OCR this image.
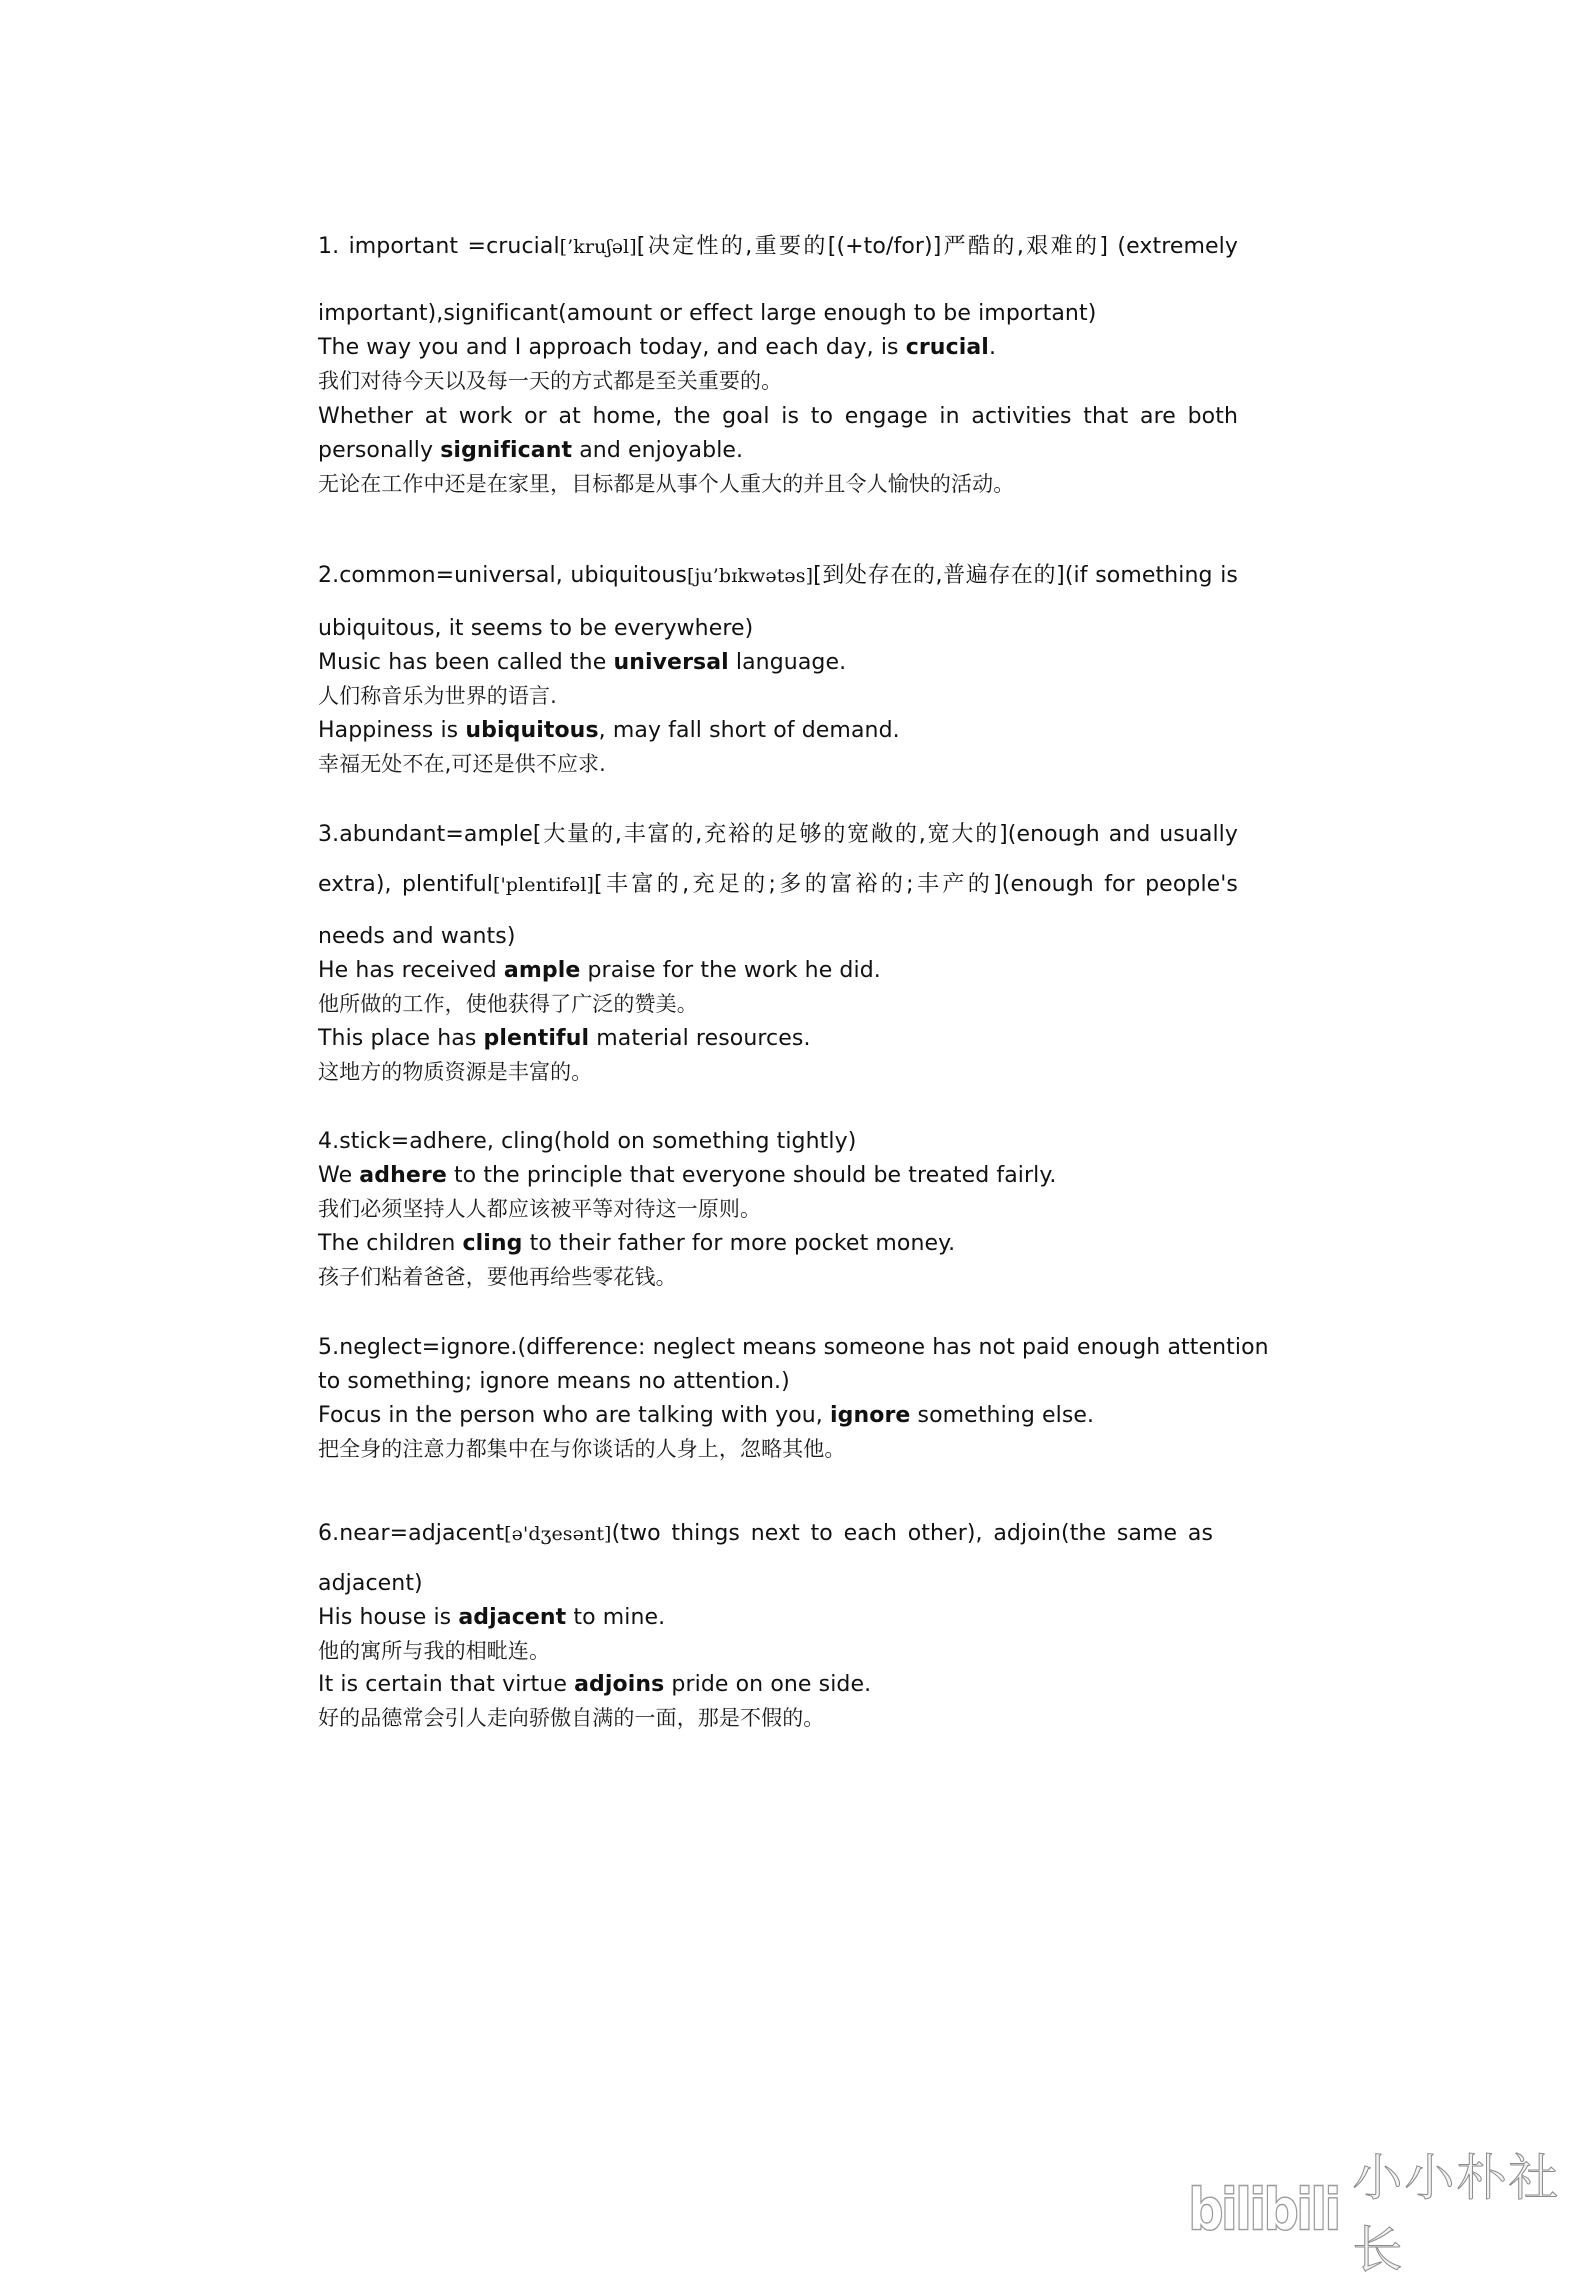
1. important =crucial[’kruʃəl][决定性的,重要的[(+to/for)]严酷的,艰难的] (extremely
important),significant(amount or effect large enough to be important)
The way you and I approach today, and each day, is crucial.
我们对待今天以及每一天的方式都是至关重要的。
Whether at work or at home, the goal is to engage in activities that are both
personally significant and enjoyable.
无论在工作中还是在家里，目标都是从事个人重大的并且令人愉快的活动。
2.common=universal, ubiquitous[ju’bɪkwətəs][到处存在的,普遍存在的](if something is
ubiquitous, it seems to be everywhere)
Music has been called the universal language.
人们称音乐为世界的语言.
Happiness is ubiquitous, may fall short of demand.
幸福无处不在,可还是供不应求.
3.abundant=ample[大量的,丰富的,充裕的足够的宽敞的,宽大的](enough and usually
extra), plentiful['plentifəl][丰富的,充足的;多的富裕的;丰产的](enough for people's
needs and wants)
He has received ample praise for the work he did.
他所做的工作，使他获得了广泛的赞美。
This place has plentiful material resources.
这地方的物质资源是丰富的。
4.stick=adhere, cling(hold on something tightly)
We adhere to the principle that everyone should be treated fairly.
我们必须坚持人人都应该被平等对待这一原则。
The children cling to their father for more pocket money.
孩子们粘着爸爸，要他再给些零花钱。
5.neglect=ignore.(difference: neglect means someone has not paid enough attention
to something; ignore means no attention.)
Focus in the person who are talking with you, ignore something else.
把全身的注意力都集中在与你谈话的人身上，忽略其他。
6.near=adjacent[ə'dʒesənt](two things next to each other), adjoin(the same as
adjacent)
His house is adjacent to mine.
他的寓所与我的相毗连。
It is certain that virtue adjoins pride on one side.
好的品德常会引人走向骄傲自满的一面，那是不假的。
bilibili 小小朴社长
